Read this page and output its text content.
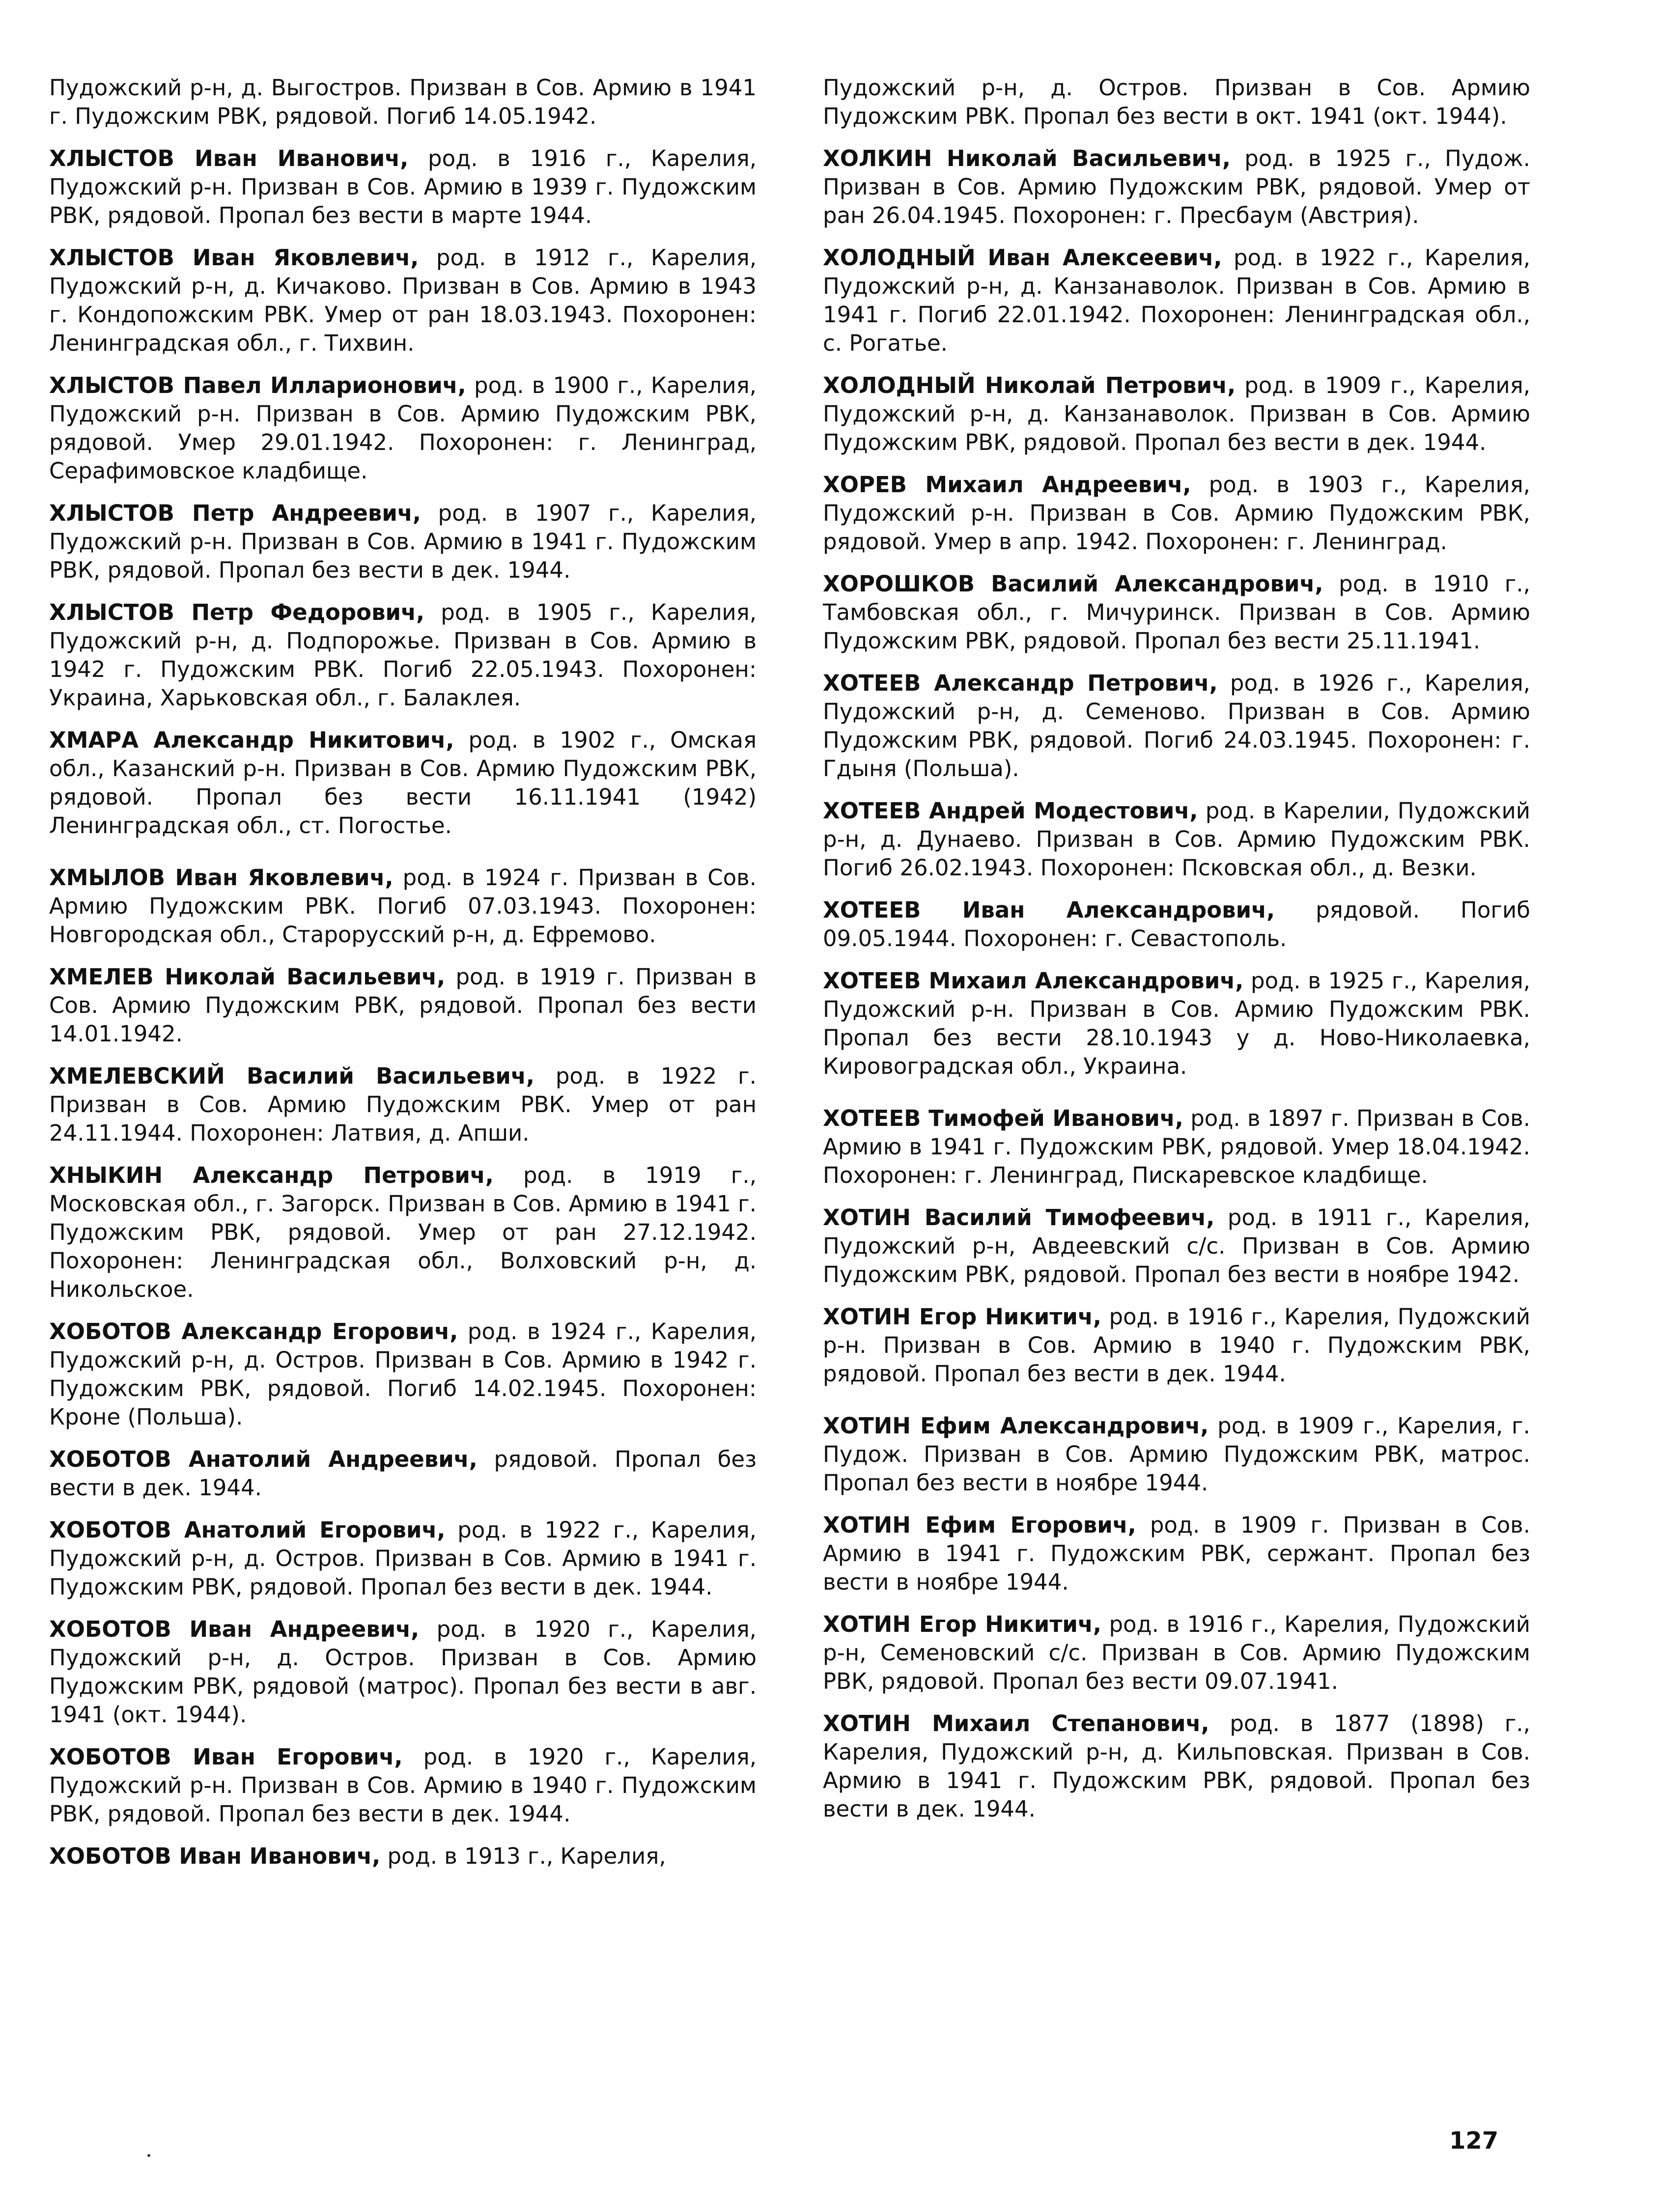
Пудожский р-н, д. Выгостров. Призван в Сов. Армию в 1941 г. Пудожским РВК, рядовой. Погиб 14.05.1942.

ХЛЫСТОВ Иван Иванович, род. в 1916 г., Карелия, Пудожский р-н. Призван в Сов. Армию в 1939 г. Пудожским РВК, рядовой. Пропал без вести в марте 1944.

ХЛЫСТОВ Иван Яковлевич, род. в 1912 г., Карелия, Пудожский р-н, д. Кичаково. Призван в Сов. Армию в 1943 г. Кондопожским РВК. Умер от ран 18.03.1943. Похоронен: Ленинградская обл., г. Тихвин.

ХЛЫСТОВ Павел Илларионович, род. в 1900 г., Карелия, Пудожский р-н. Призван в Сов. Армию Пудожским РВК, рядовой. Умер 29.01.1942. Похоронен: г. Ленинград, Серафимовское кладбище.

ХЛЫСТОВ Петр Андреевич, род. в 1907 г., Карелия, Пудожский р-н. Призван в Сов. Армию в 1941 г. Пудожским РВК, рядовой. Пропал без вести в дек. 1944.

ХЛЫСТОВ Петр Федорович, род. в 1905 г., Карелия, Пудожский р-н, д. Подпорожье. Призван в Сов. Армию в 1942 г. Пудожским РВК. Погиб 22.05.1943. Похоронен: Украина, Харьковская обл., г. Балаклея.

ХМАРА Александр Никитович, род. в 1902 г., Омская обл., Казанский р-н. Призван в Сов. Армию Пудожским РВК, рядовой. Пропал без вести 16.11.1941 (1942) Ленинградская обл., ст. Погостье.

ХМЫЛОВ Иван Яковлевич, род. в 1924 г. Призван в Сов. Армию Пудожским РВК. Погиб 07.03.1943. Похоронен: Новгородская обл., Старорусский р-н, д. Ефремово.

ХМЕЛЕВ Николай Васильевич, род. в 1919 г. Призван в Сов. Армию Пудожским РВК, рядовой. Пропал без вести 14.01.1942.

ХМЕЛЕВСКИЙ Василий Васильевич, род. в 1922 г. Призван в Сов. Армию Пудожским РВК. Умер от ран 24.11.1944. Похоронен: Латвия, д. Апши.

ХНЫКИН Александр Петрович, род. в 1919 г., Московская обл., г. Загорск. Призван в Сов. Армию в 1941 г. Пудожским РВК, рядовой. Умер от ран 27.12.1942. Похоронен: Ленинградская обл., Волховский р-н, д. Никольское.

ХОБОТОВ Александр Егорович, род. в 1924 г., Карелия, Пудожский р-н, д. Остров. Призван в Сов. Армию в 1942 г. Пудожским РВК, рядовой. Погиб 14.02.1945. Похоронен: Кроне (Польша).

ХОБОТОВ Анатолий Андреевич, рядовой. Пропал без вести в дек. 1944.

ХОБОТОВ Анатолий Егорович, род. в 1922 г., Карелия, Пудожский р-н, д. Остров. Призван в Сов. Армию в 1941 г. Пудожским РВК, рядовой. Пропал без вести в дек. 1944.

ХОБОТОВ Иван Андреевич, род. в 1920 г., Карелия, Пудожский р-н, д. Остров. Призван в Сов. Армию Пудожским РВК, рядовой (матрос). Пропал без вести в авг. 1941 (окт. 1944).

ХОБОТОВ Иван Егорович, род. в 1920 г., Карелия, Пудожский р-н. Призван в Сов. Армию в 1940 г. Пудожским РВК, рядовой. Пропал без вести в дек. 1944.

ХОБОТОВ Иван Иванович, род. в 1913 г., Карелия,

Пудожский р-н, д. Остров. Призван в Сов. Армию Пудожским РВК. Пропал без вести в окт. 1941 (окт. 1944).

ХОЛКИН Николай Васильевич, род. в 1925 г., Пудож. Призван в Сов. Армию Пудожским РВК, рядовой. Умер от ран 26.04.1945. Похоронен: г. Пресбаум (Австрия).

ХОЛОДНЫЙ Иван Алексеевич, род. в 1922 г., Карелия, Пудожский р-н, д. Канзанаволок. Призван в Сов. Армию в 1941 г. Погиб 22.01.1942. Похоронен: Ленинградская обл., с. Рогатье.

ХОЛОДНЫЙ Николай Петрович, род. в 1909 г., Карелия, Пудожский р-н, д. Канзанаволок. Призван в Сов. Армию Пудожским РВК, рядовой. Пропал без вести в дек. 1944.

ХОРЕВ Михаил Андреевич, род. в 1903 г., Карелия, Пудожский р-н. Призван в Сов. Армию Пудожским РВК, рядовой. Умер в апр. 1942. Похоронен: г. Ленинград.

ХОРОШКОВ Василий Александрович, род. в 1910 г., Тамбовская обл., г. Мичуринск. Призван в Сов. Армию Пудожским РВК, рядовой. Пропал без вести 25.11.1941.

ХОТЕЕВ Александр Петрович, род. в 1926 г., Карелия, Пудожский р-н, д. Семеново. Призван в Сов. Армию Пудожским РВК, рядовой. Погиб 24.03.1945. Похоронен: г. Гдыня (Польша).

ХОТЕЕВ Андрей Модестович, род. в Карелии, Пудожский р-н, д. Дунаево. Призван в Сов. Армию Пудожским РВК. Погиб 26.02.1943. Похоронен: Псковская обл., д. Везки.

ХОТЕЕВ Иван Александрович, рядовой. Погиб 09.05.1944. Похоронен: г. Севастополь.

ХОТЕЕВ Михаил Александрович, род. в 1925 г., Карелия, Пудожский р-н. Призван в Сов. Армию Пудожским РВК. Пропал без вести 28.10.1943 у д. Ново-Николаевка, Кировоградская обл., Украина.

ХОТЕЕВ Тимофей Иванович, род. в 1897 г. Призван в Сов. Армию в 1941 г. Пудожским РВК, рядовой. Умер 18.04.1942. Похоронен: г. Ленинград, Пискаревское кладбище.

ХОТИН Василий Тимофеевич, род. в 1911 г., Карелия, Пудожский р-н, Авдеевский с/с. Призван в Сов. Армию Пудожским РВК, рядовой. Пропал без вести в ноябре 1942.

ХОТИН Егор Никитич, род. в 1916 г., Карелия, Пудожский р-н. Призван в Сов. Армию в 1940 г. Пудожским РВК, рядовой. Пропал без вести в дек. 1944.

ХОТИН Ефим Александрович, род. в 1909 г., Карелия, г. Пудож. Призван в Сов. Армию Пудожским РВК, матрос. Пропал без вести в ноябре 1944.

ХОТИН Ефим Егорович, род. в 1909 г. Призван в Сов. Армию в 1941 г. Пудожским РВК, сержант. Пропал без вести в ноябре 1944.

ХОТИН Егор Никитич, род. в 1916 г., Карелия, Пудожский р-н, Семеновский с/с. Призван в Сов. Армию Пудожским РВК, рядовой. Пропал без вести 09.07.1941.

ХОТИН Михаил Степанович, род. в 1877 (1898) г., Карелия, Пудожский р-н, д. Кильповская. Призван в Сов. Армию в 1941 г. Пудожским РВК, рядовой. Пропал без вести в дек. 1944.

127
